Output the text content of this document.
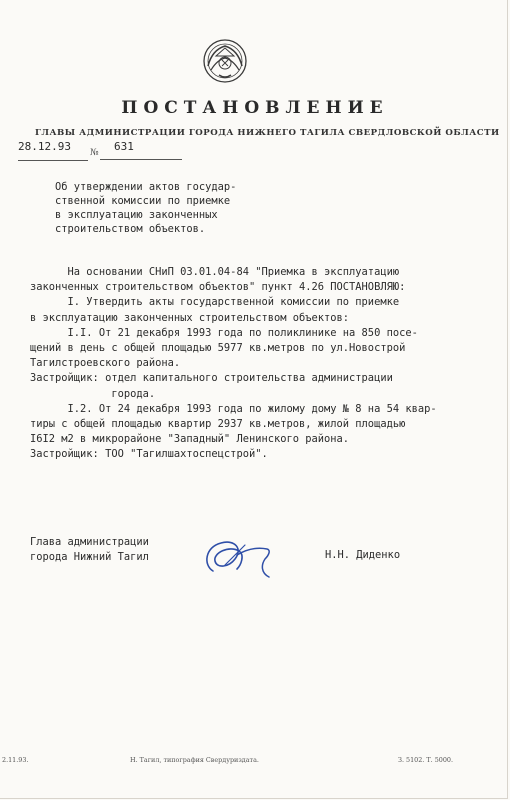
ПОСТАНОВЛЕНИЕ
ГЛАВЫ АДМИНИСТРАЦИИ ГОРОДА НИЖНЕГО ТАГИЛА СВЕРДЛОВСКОЙ ОБЛАСТИ
28.12.93	№	631
Об утверждении актов государ-
ственной комиссии по приемке
в эксплуатацию законченных
строительством объектов.
На основании СНиП 03.01.04-84 "Приемка в эксплуатацию
законченных строительством объектов" пункт 4.26 ПОСТАНОВЛЯЮ:
I. Утвердить акты государственной комиссии по приемке
в эксплуатацию законченных строительством объектов:
I.I. От 21 декабря 1993 года по поликлинике на 850 посе-
щений в день с общей площадью 5977 кв.метров по ул.Новострой
Тагилстроевского района.
Застройщик: отдел капитального строительства администрации
города.
I.2. От 24 декабря 1993 года по жилому дому № 8 на 54 квар-
тиры с общей площадью квартир 2937 кв.метров, жилой площадью
I6I2 м2 в микрорайоне "Западный" Ленинского района.
Застройщик: ТОО "Тагилшахтоспецстрой".
Глава администрации
города Нижний Тагил	Н.Н. Диденко
2.11.93.	Н. Тагил, типография Свердуриздата.	З. 5102. Т. 5000.
